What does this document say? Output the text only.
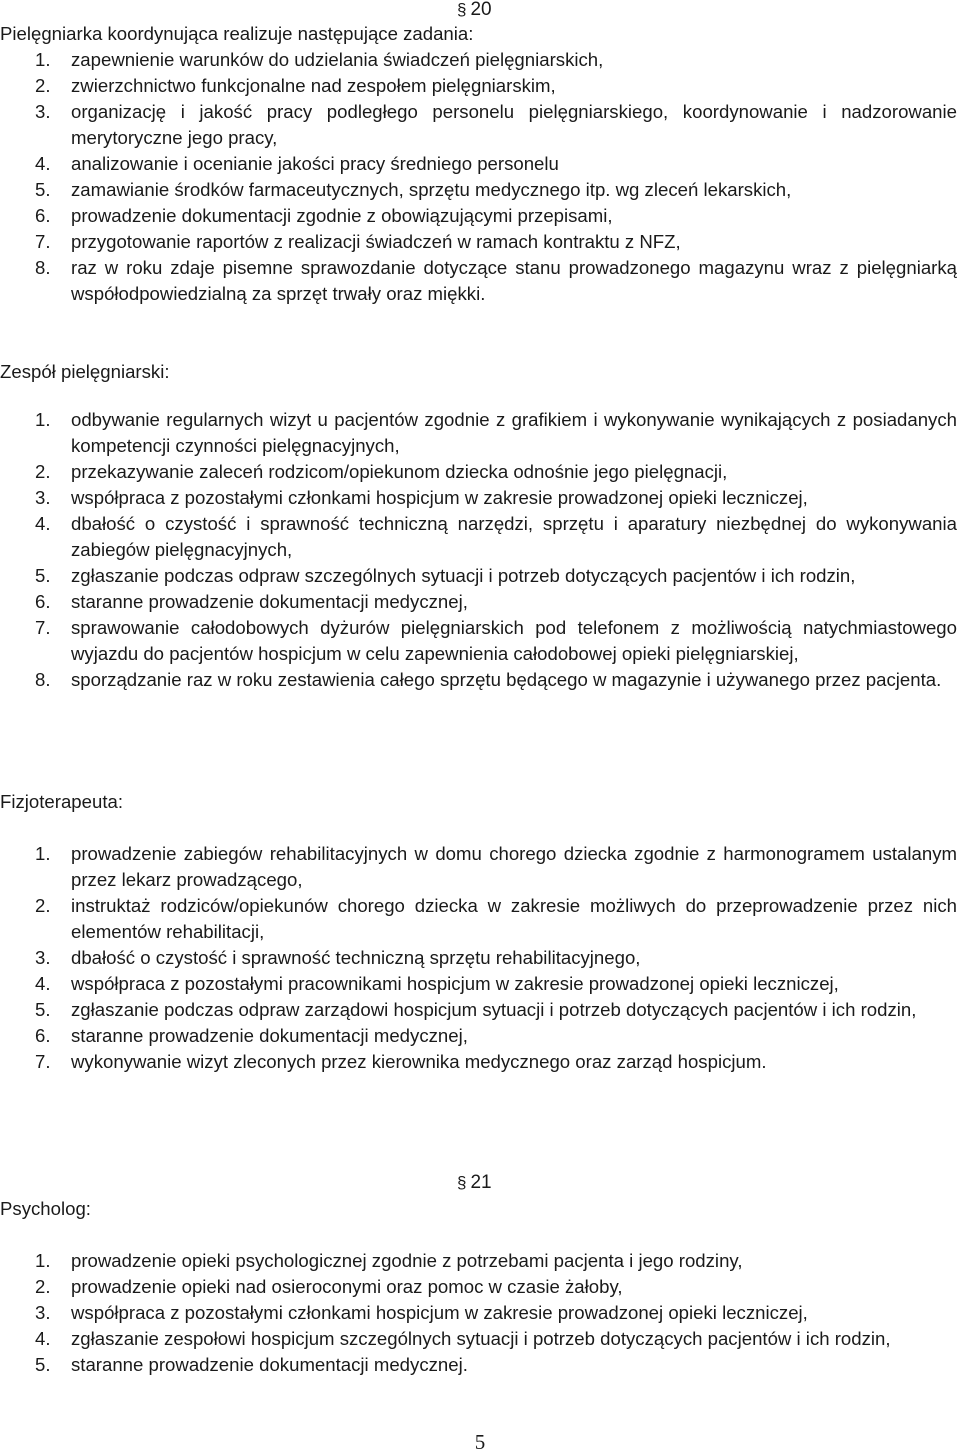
§ 20

Pielęgniarka koordynująca realizuje następujące zadania:

1. zapewnienie warunków do udzielania świadczeń pielęgniarskich,
2. zwierzchnictwo funkcjonalne nad zespołem pielęgniarskim,
3. organizację i jakość pracy podległego personelu pielęgniarskiego, koordynowanie i nadzorowanie merytoryczne jego pracy,
4. analizowanie i ocenianie jakości pracy średniego personelu
5. zamawianie środków farmaceutycznych, sprzętu medycznego itp. wg zleceń lekarskich,
6. prowadzenie dokumentacji zgodnie z obowiązującymi przepisami,
7. przygotowanie raportów z realizacji świadczeń w ramach kontraktu z NFZ,
8. raz w roku zdaje pisemne sprawozdanie dotyczące stanu prowadzonego magazynu wraz z pielęgniarką współodpowiedzialną za sprzęt trwały oraz miękki.

Zespół pielęgniarski:

1. odbywanie regularnych wizyt u pacjentów zgodnie z grafikiem i wykonywanie wynikających z posiadanych kompetencji czynności pielęgnacyjnych,
2. przekazywanie zaleceń rodzicom/opiekunom dziecka odnośnie jego pielęgnacji,
3. współpraca z pozostałymi członkami hospicjum w zakresie prowadzonej opieki leczniczej,
4. dbałość o czystość i sprawność techniczną narzędzi, sprzętu i aparatury niezbędnej do wykonywania zabiegów pielęgnacyjnych,
5. zgłaszanie podczas odpraw szczególnych sytuacji i potrzeb dotyczących pacjentów i ich rodzin,
6. staranne prowadzenie dokumentacji medycznej,
7. sprawowanie całodobowych dyżurów pielęgniarskich pod telefonem z możliwością natychmiastowego wyjazdu do pacjentów hospicjum w celu zapewnienia całodobowej opieki pielęgniarskiej,
8. sporządzanie raz w roku zestawienia całego sprzętu będącego w magazynie i używanego przez pacjenta.

Fizjoterapeuta:

1. prowadzenie zabiegów rehabilitacyjnych w domu chorego dziecka zgodnie z harmonogramem ustalanym przez lekarz prowadzącego,
2. instruktaż rodziców/opiekunów chorego dziecka w zakresie możliwych do przeprowadzenie przez nich elementów rehabilitacji,
3. dbałość o czystość i sprawność techniczną sprzętu rehabilitacyjnego,
4. współpraca z pozostałymi pracownikami hospicjum w zakresie prowadzonej opieki leczniczej,
5. zgłaszanie podczas odpraw zarządowi hospicjum sytuacji i potrzeb dotyczących pacjentów i ich rodzin,
6. staranne prowadzenie dokumentacji medycznej,
7. wykonywanie wizyt zleconych przez kierownika medycznego oraz zarząd hospicjum.
§ 21

Psycholog:

1. prowadzenie opieki psychologicznej zgodnie z potrzebami pacjenta i jego rodziny,
2. prowadzenie opieki nad osieroconymi oraz pomoc w czasie żałoby,
3. współpraca z pozostałymi członkami hospicjum w zakresie prowadzonej opieki leczniczej,
4. zgłaszanie zespołowi hospicjum szczególnych sytuacji i potrzeb dotyczących pacjentów i ich rodzin,
5. staranne prowadzenie dokumentacji medycznej.
5
